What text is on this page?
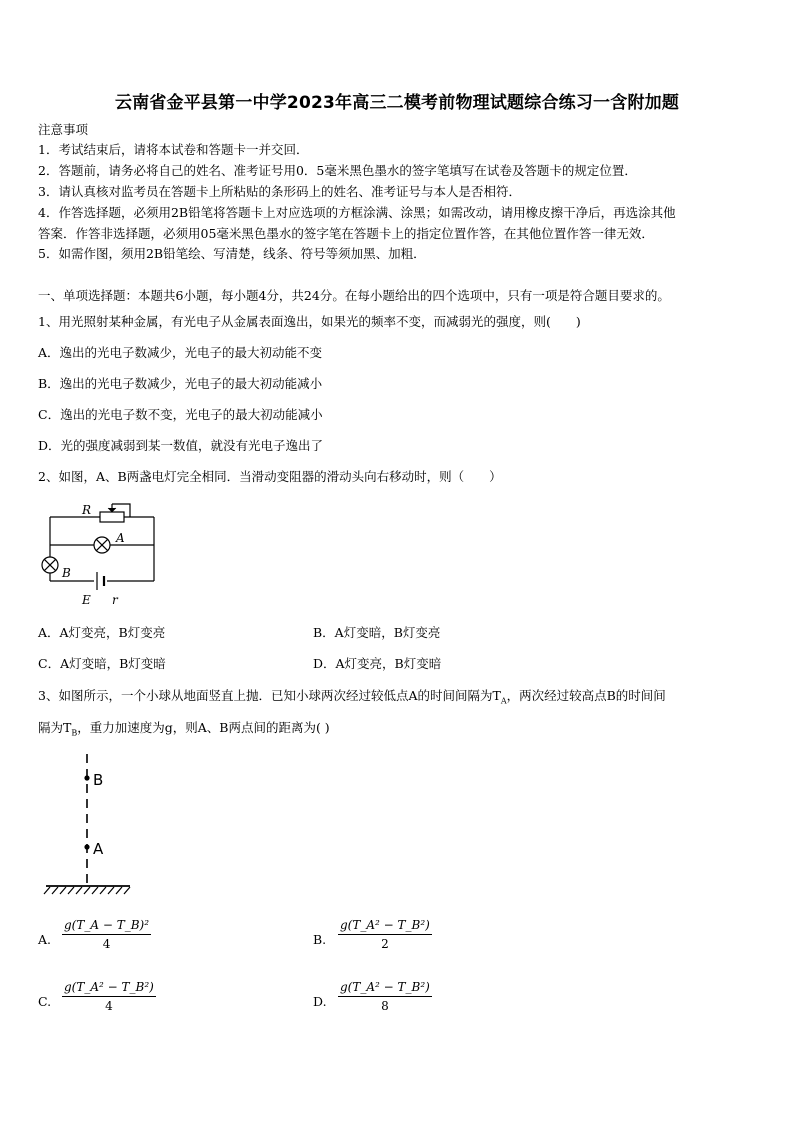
云南省金平县第一中学2023年高三二模考前物理试题综合练习一含附加题
注意事项
1．考试结束后，请将本试卷和答题卡一并交回．
2．答题前，请务必将自己的姓名、准考证号用0．5毫米黑色墨水的签字笔填写在试卷及答题卡的规定位置．
3．请认真核对监考员在答题卡上所粘贴的条形码上的姓名、准考证号与本人是否相符．
4．作答选择题，必须用2B铅笔将答题卡上对应选项的方框涂满、涂黑；如需改动，请用橡皮擦干净后，再选涂其他
答案．作答非选择题，必须用05毫米黑色墨水的签字笔在答题卡上的指定位置作答，在其他位置作答一律无效．
5．如需作图，须用2B铅笔绘、写清楚，线条、符号等须加黑、加粗．
一、单项选择题：本题共6小题，每小题4分，共24分。在每小题给出的四个选项中，只有一项是符合题目要求的。
1、用光照射某种金属，有光电子从金属表面逸出，如果光的频率不变，而减弱光的强度，则(　　)
A．逸出的光电子数减少，光电子的最大初动能不变
B．逸出的光电子数减少，光电子的最大初动能减小
C．逸出的光电子数不变，光电子的最大初动能减小
D．光的强度减弱到某一数值，就没有光电子逸出了
2、如图，A、B两盏电灯完全相同．当滑动变阻器的滑动头向右移动时，则（　　）
R
A
B
E r
A．A灯变亮，B灯变亮	B．A灯变暗，B灯变亮
C．A灯变暗，B灯变暗	D．A灯变亮，B灯变暗
3、如图所示，一个小球从地面竖直上抛．已知小球两次经过较低点A的时间间隔为$T_A$，两次经过较高点B的时间间
隔为$T_B$，重力加速度为g，则A、B两点间的距离为( )
B
A
A. $\frac{\text{g(T\_A − T\_B)²}}{4}$	B. $\frac{\text{g(T\_A² − T\_B²)}}{2}$
C. $\frac{\text{g(T\_A² − T\_B²)}}{4}$	D. $\frac{\text{g(T\_A² − T\_B²)}}{8}$
